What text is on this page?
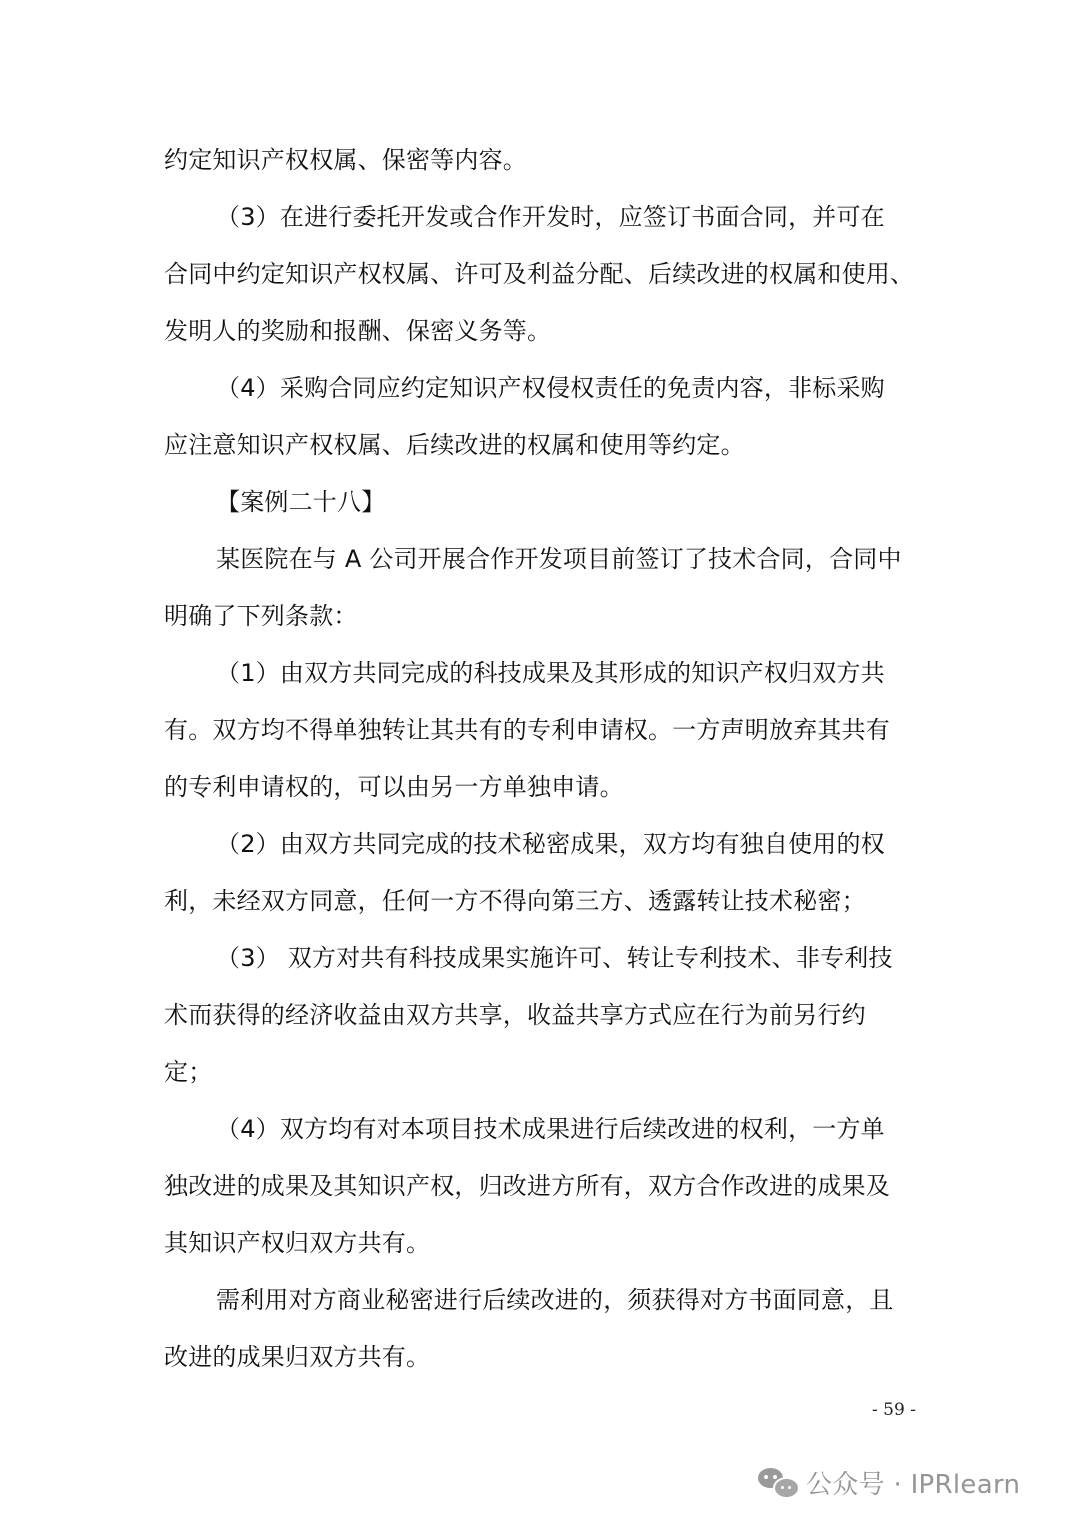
约定知识产权权属、保密等内容。
（3）在进行委托开发或合作开发时，应签订书面合同，并可在
合同中约定知识产权权属、许可及利益分配、后续改进的权属和使用、
发明人的奖励和报酬、保密义务等。
（4）采购合同应约定知识产权侵权责任的免责内容，非标采购
应注意知识产权权属、后续改进的权属和使用等约定。
【案例二十八】
某医院在与 A 公司开展合作开发项目前签订了技术合同，合同中
明确了下列条款：
（1）由双方共同完成的科技成果及其形成的知识产权归双方共
有。双方均不得单独转让其共有的专利申请权。一方声明放弃其共有
的专利申请权的，可以由另一方单独申请。
（2）由双方共同完成的技术秘密成果，双方均有独自使用的权
利，未经双方同意，任何一方不得向第三方、透露转让技术秘密；
（3） 双方对共有科技成果实施许可、转让专利技术、非专利技
术而获得的经济收益由双方共享，收益共享方式应在行为前另行约
定；
（4）双方均有对本项目技术成果进行后续改进的权利，一方单
独改进的成果及其知识产权，归改进方所有，双方合作改进的成果及
其知识产权归双方共有。
需利用对方商业秘密进行后续改进的，须获得对方书面同意，且
改进的成果归双方共有。
- 59 -
公众号 · IPRlearn
